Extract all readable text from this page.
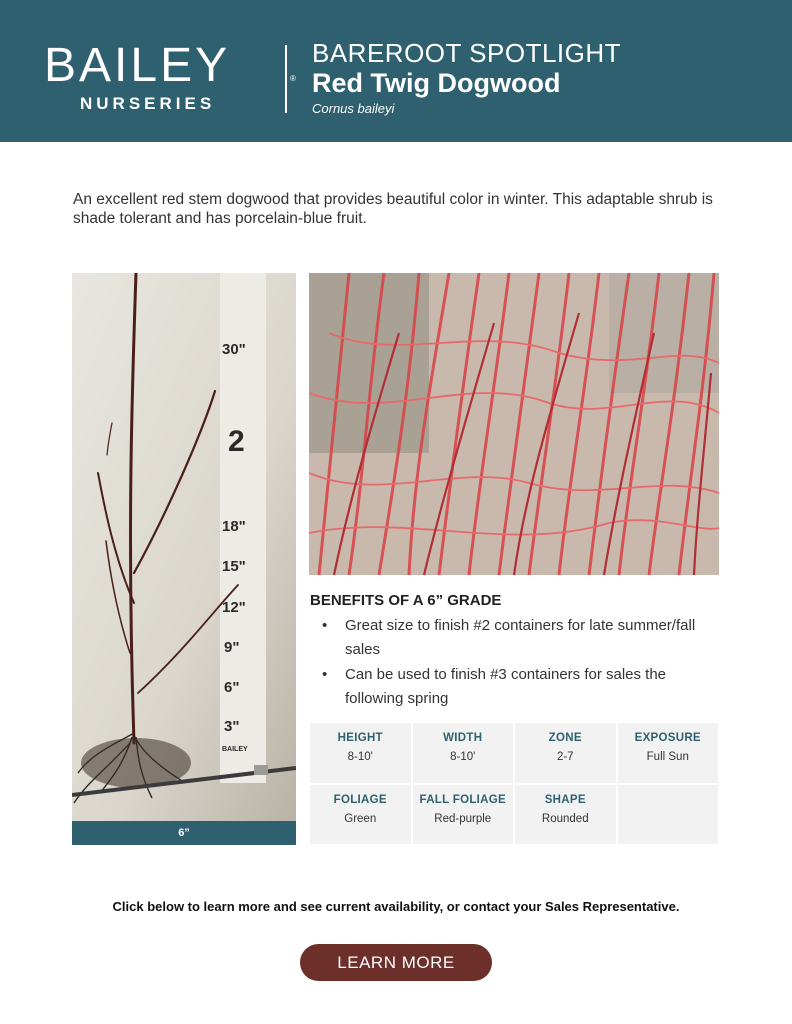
BAILEY	®
NURSERIES
BAREROOT SPOTLIGHT
Red Twig Dogwood
Cornus baileyi

An excellent red stem dogwood that provides beautiful color in winter. This adaptable shrub is shade tolerant and has porcelain-blue fruit.

30"
2
18"
15"
12"
9"
6"
3"
BAILEY
6”
BENEFITS OF A 6” GRADE
• Great size to finish #2 containers for late summer/fall sales
• Can be used to finish #3 containers for sales the following spring
HEIGHT
8-10'
WIDTH
8-10'
ZONE
2-7
EXPOSURE
Full Sun
FOLIAGE
Green
FALL FOLIAGE
Red-purple
SHAPE
Rounded
Click below to learn more and see current availability, or contact your Sales Representative.
LEARN MORE
